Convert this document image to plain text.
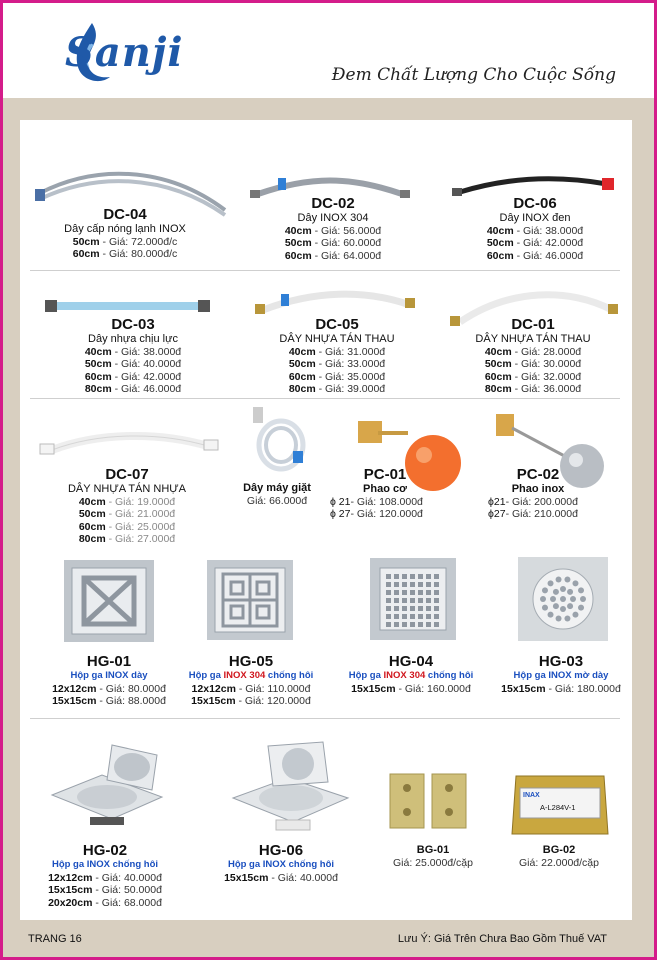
Sanji	Đem Chất Lượng Cho Cuộc Sống
DC-04
Dây cấp nóng lạnh INOX
50cm - Giá: 72.000đ/c
60cm - Giá: 80.000đ/c
DC-02
Dây INOX 304
40cm - Giá: 56.000đ
50cm - Giá: 60.000đ
60cm - Giá: 64.000đ
DC-06
Dây INOX đen
40cm - Giá: 38.000đ
50cm - Giá: 42.000đ
60cm - Giá: 46.000đ
DC-03
Dây nhựa chịu lực
40cm - Giá: 38.000đ
50cm - Giá: 40.000đ
60cm - Giá: 42.000đ
80cm - Giá: 46.000đ
DC-05
DÂY NHỰA TÁN THAU
40cm - Giá: 31.000đ
50cm - Giá: 33.000đ
60cm - Giá: 35.000đ
80cm - Giá: 39.000đ
DC-01
DÂY NHỰA TÁN THAU
40cm - Giá: 28.000đ
50cm - Giá: 30.000đ
60cm - Giá: 32.000đ
80cm - Giá: 36.000đ
DC-07
DÂY NHỰA TÁN NHỰA
40cm - Giá: 19.000đ
50cm - Giá: 21.000đ
60cm - Giá: 25.000đ
80cm - Giá: 27.000đ
Dây máy giặt
Giá: 66.000đ
PC-01
Phao cơ
ϕ 21- Giá: 108.000đ
ϕ 27- Giá: 120.000đ
PC-02
Phao inox
ϕ21- Giá: 200.000đ
ϕ27- Giá: 210.000đ
HG-01
Hộp ga INOX dày
12x12cm - Giá: 80.000đ
15x15cm - Giá: 88.000đ
HG-05
Hộp ga INOX 304 chống hôi
12x12cm - Giá: 110.000đ
15x15cm - Giá: 120.000đ
HG-04
Hộp ga INOX 304 chống hôi
15x15cm - Giá: 160.000đ
HG-03
Hộp ga INOX mờ dày
15x15cm - Giá: 180.000đ
INAX
A-L284V-1
HG-02
Hộp ga INOX chống hôi
12x12cm - Giá: 40.000đ
15x15cm - Giá: 50.000đ
20x20cm - Giá: 68.000đ
HG-06
Hộp ga INOX chống hôi
15x15cm - Giá: 40.000đ
BG-01
Giá: 25.000đ/cặp
BG-02
Giá: 22.000đ/cặp
TRANG 16	Lưu Ý: Giá Trên Chưa Bao Gồm Thuế VAT
